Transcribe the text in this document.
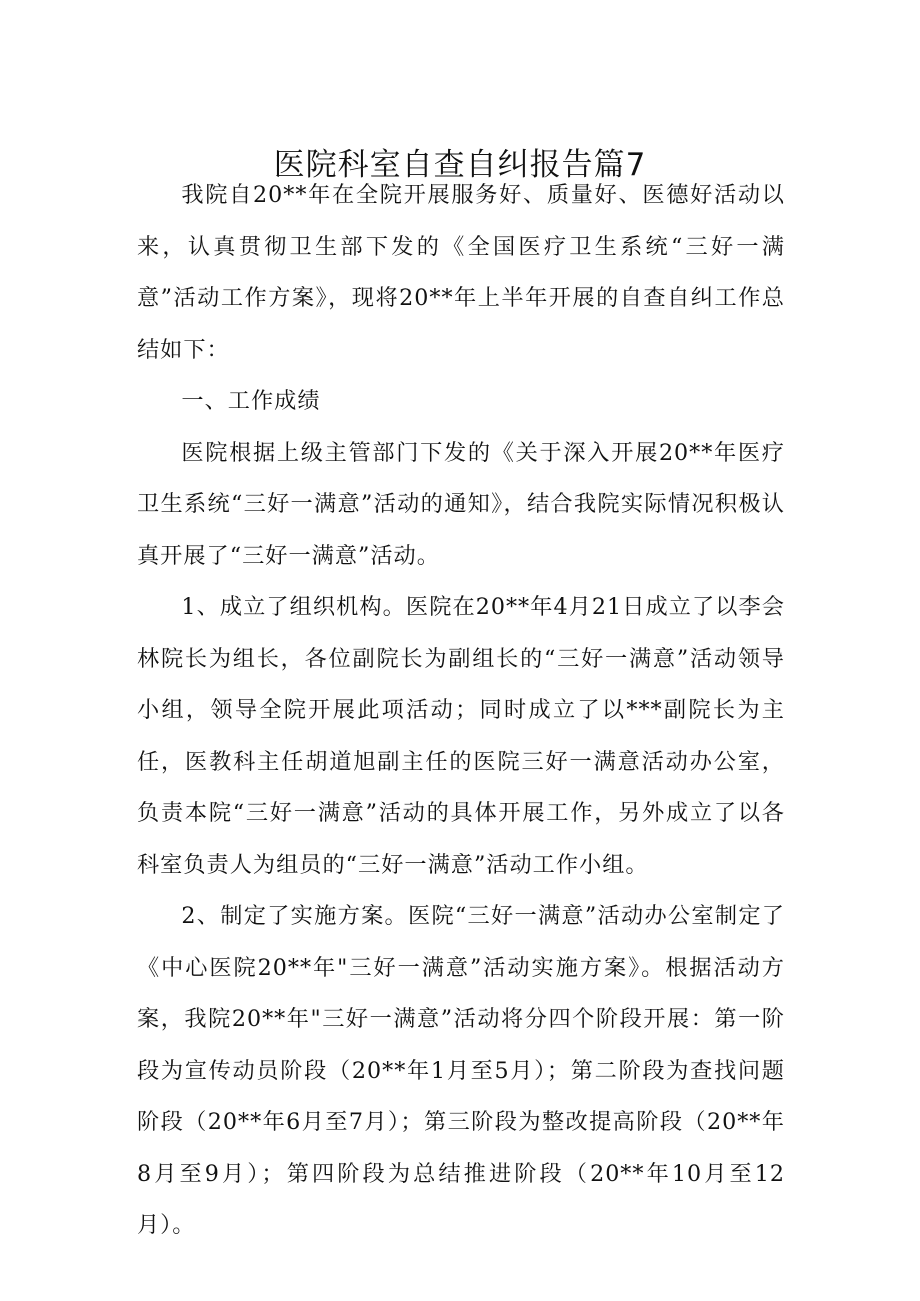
医院科室自查自纠报告篇7

我院自20**年在全院开展服务好、质量好、医德好活动以来，认真贯彻卫生部下发的《全国医疗卫生系统“三好一满意”活动工作方案》，现将20**年上半年开展的自查自纠工作总结如下：

一、工作成绩

医院根据上级主管部门下发的《关于深入开展20**年医疗卫生系统“三好一满意”活动的通知》，结合我院实际情况积极认真开展了“三好一满意”活动。

1、成立了组织机构。医院在20**年4月21日成立了以李会林院长为组长，各位副院长为副组长的“三好一满意”活动领导小组，领导全院开展此项活动；同时成立了以***副院长为主任，医教科主任胡道旭副主任的医院三好一满意活动办公室，负责本院“三好一满意”活动的具体开展工作，另外成立了以各科室负责人为组员的“三好一满意”活动工作小组。

2、制定了实施方案。医院“三好一满意”活动办公室制定了《中心医院20**年"三好一满意”活动实施方案》。根据活动方案，我院20**年"三好一满意”活动将分四个阶段开展：第一阶段为宣传动员阶段（20**年1月至5月）；第二阶段为查找问题阶段（20**年6月至7月）；第三阶段为整改提高阶段（20**年8月至9月）；第四阶段为总结推进阶段（20**年10月至12月）。
